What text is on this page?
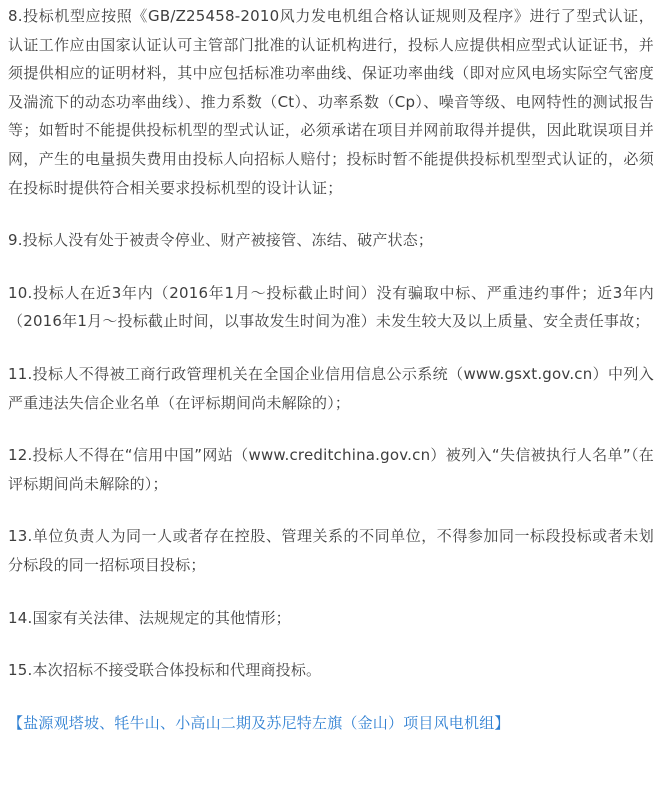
8.投标机型应按照《GB/Z25458-2010风力发电机组合格认证规则及程序》进行了型式认证，认证工作应由国家认证认可主管部门批准的认证机构进行，投标人应提供相应型式认证证书，并须提供相应的证明材料，其中应包括标准功率曲线、保证功率曲线（即对应风电场实际空气密度及湍流下的动态功率曲线）、推力系数（Ct）、功率系数（Cp）、噪音等级、电网特性的测试报告等；如暂时不能提供投标机型的型式认证，必须承诺在项目并网前取得并提供，因此耽误项目并网，产生的电量损失费用由投标人向招标人赔付；投标时暂不能提供投标机型型式认证的，必须在投标时提供符合相关要求投标机型的设计认证；

9.投标人没有处于被责令停业、财产被接管、冻结、破产状态；

10.投标人在近3年内（2016年1月～投标截止时间）没有骗取中标、严重违约事件；近3年内（2016年1月～投标截止时间，以事故发生时间为准）未发生较大及以上质量、安全责任事故；

11.投标人不得被工商行政管理机关在全国企业信用信息公示系统（www.gsxt.gov.cn）中列入严重违法失信企业名单（在评标期间尚未解除的）；

12.投标人不得在“信用中国”网站（www.creditchina.gov.cn）被列入“失信被执行人名单”（在评标期间尚未解除的）；

13.单位负责人为同一人或者存在控股、管理关系的不同单位，不得参加同一标段投标或者未划分标段的同一招标项目投标；

14.国家有关法律、法规规定的其他情形；

15.本次招标不接受联合体投标和代理商投标。

【盐源观塔坡、牦牛山、小高山二期及苏尼特左旗（金山）项目风电机组】
